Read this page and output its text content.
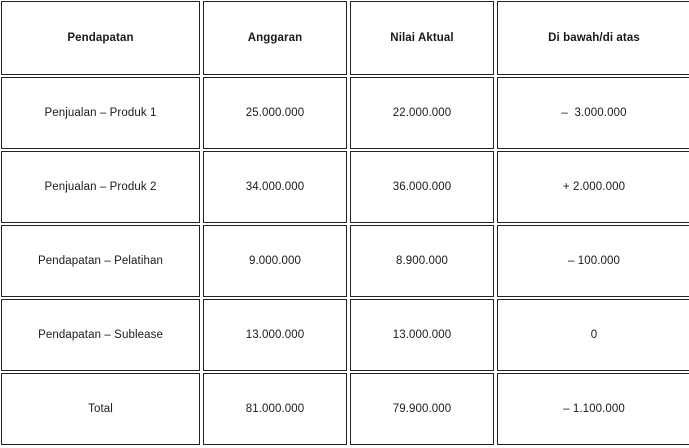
Pendapatan	Anggaran	Nilai Aktual	Di bawah/di atas
Penjualan – Produk 1	25.000.000	22.000.000	–  3.000.000
Penjualan – Produk 2	34.000.000	36.000.000	+ 2.000.000
Pendapatan – Pelatihan	9.000.000	8.900.000	– 100.000
Pendapatan – Sublease	13.000.000	13.000.000	0
Total	81.000.000	79.900.000	– 1.100.000
